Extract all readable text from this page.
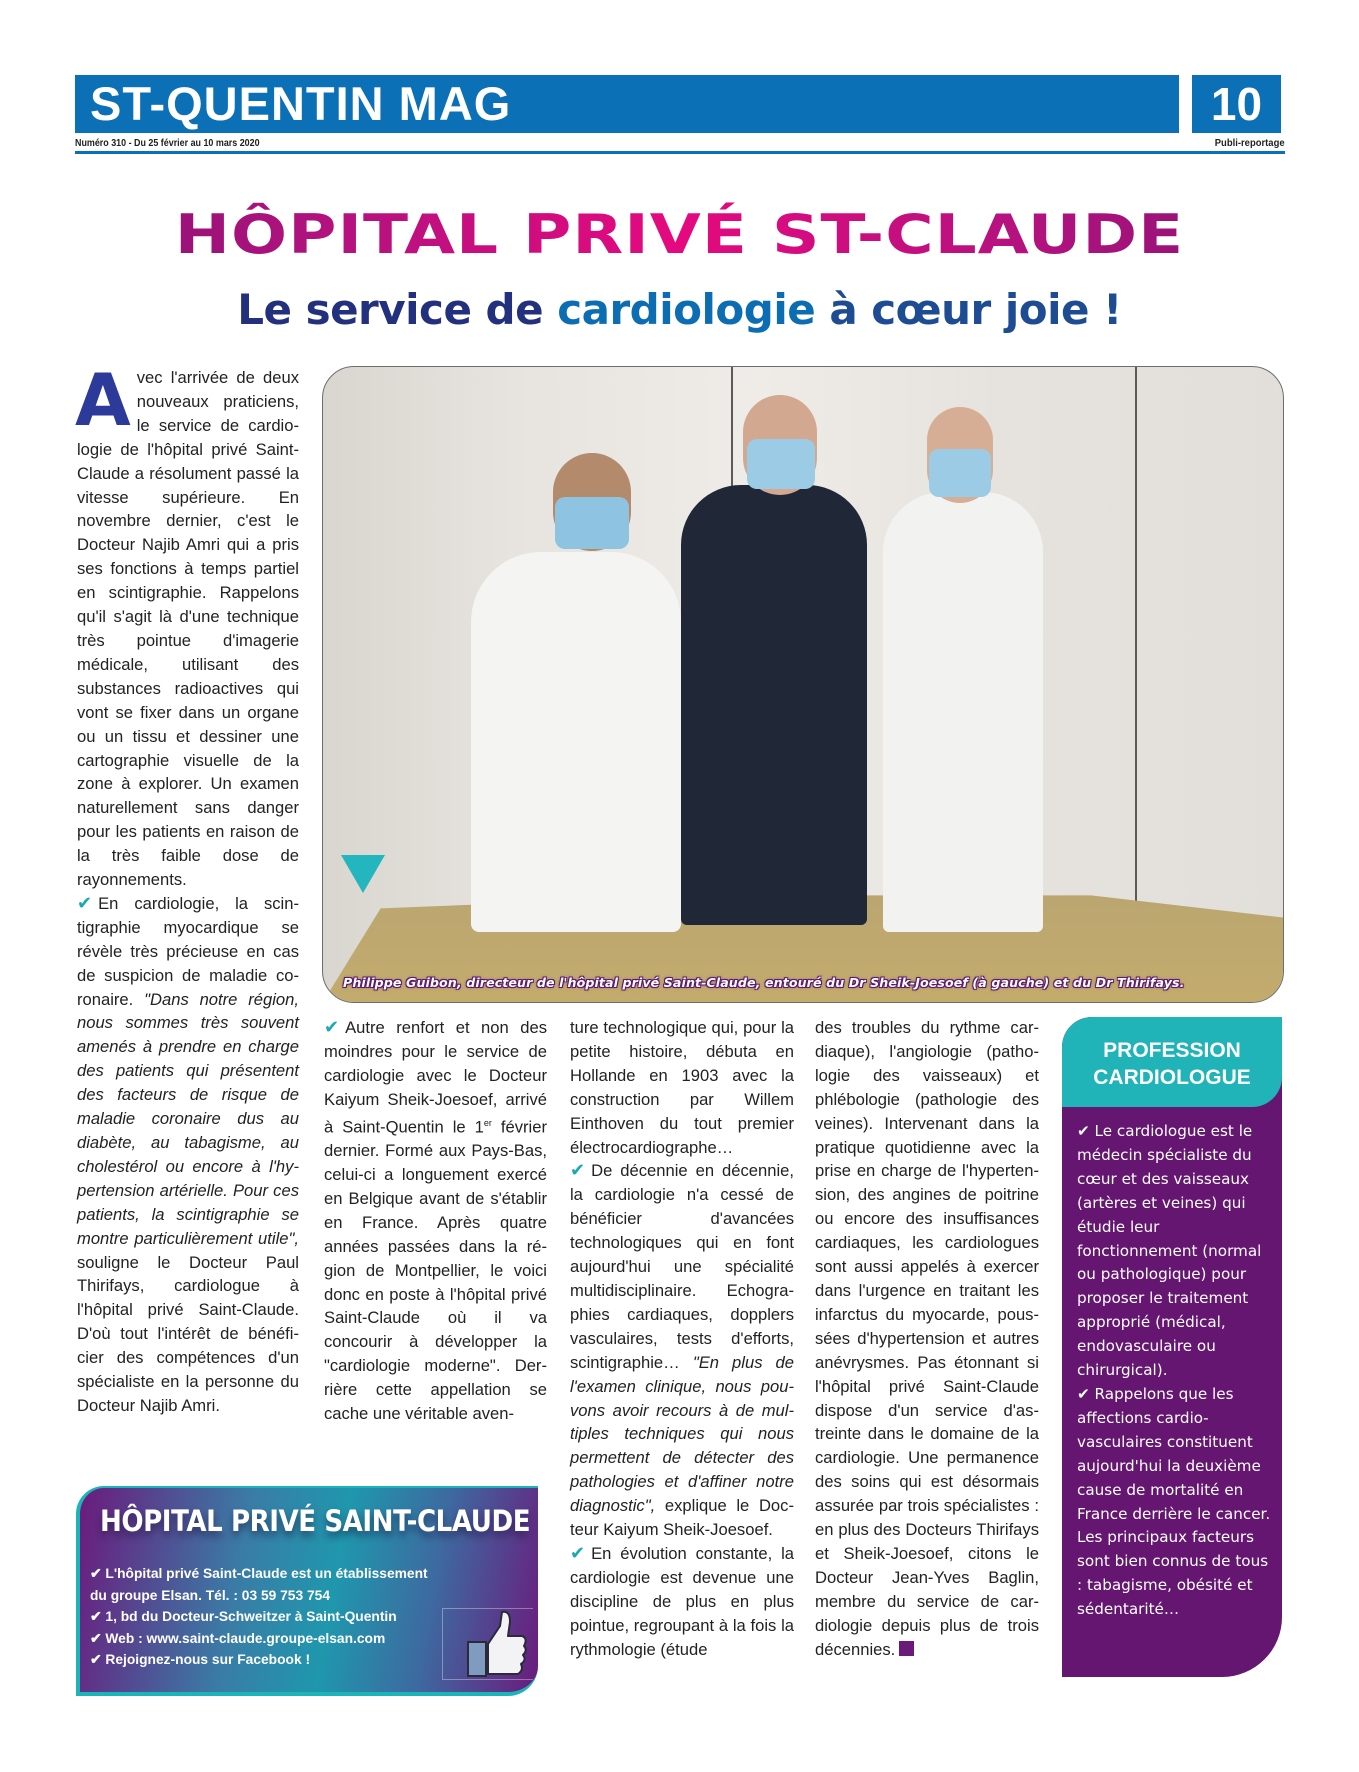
ST-QUENTIN MAG	10
Numéro 310 - Du 25 février au 10 mars 2020	Publi-reportage
HÔPITAL PRIVÉ ST-CLAUDE
Le service de cardiologie à cœur joie !

Avec l'arrivée de deux nouveaux praticiens, le service de cardiologie de l'hôpital privé Saint-Claude a résolument passé la vitesse supérieure. En novembre dernier, c'est le Docteur Najib Amri qui a pris ses fonctions à temps partiel en scintigraphie. Rappelons qu'il s'agit là d'une technique très pointue d'imagerie médicale, utilisant des substances radioactives qui vont se fixer dans un organe ou un tissu et dessiner une cartographie visuelle de la zone à explorer. Un examen naturellement sans danger pour les patients en raison de la très faible dose de rayonnements.

✔ En cardiologie, la scintigraphie myocardique se révèle très précieuse en cas de suspicion de maladie coronaire. "Dans notre région, nous sommes très souvent amenés à prendre en charge des patients qui présentent des facteurs de risque de maladie coronaire dus au diabète, au tabagisme, au cholestérol ou encore à l'hypertension artérielle. Pour ces patients, la scintigraphie se montre particulièrement utile", souligne le Docteur Paul Thirifays, cardiologue à l'hôpital privé Saint-Claude. D'où tout l'intérêt de bénéficier des compétences d'un spécialiste en la personne du Docteur Najib Amri.

Philippe Guibon, directeur de l'hôpital privé Saint-Claude, entouré du Dr Sheik-Joesoef (à gauche) et du Dr Thirifays.

✔ Autre renfort et non des moindres pour le service de cardiologie avec le Docteur Kaiyum Sheik-Joesoef, arrivé à Saint-Quentin le 1er février dernier. Formé aux Pays-Bas, celui-ci a longuement exercé en Belgique avant de s'établir en France. Après quatre années passées dans la région de Montpellier, le voici donc en poste à l'hôpital privé Saint-Claude où il va concourir à développer la "cardiologie moderne". Derrière cette appellation se cache une véritable aven-

ture technologique qui, pour la petite histoire, débuta en Hollande en 1903 avec la construction par Willem Einthoven du tout premier électrocardiographe…

✔ De décennie en décennie, la cardiologie n'a cessé de bénéficier d'avancées technologiques qui en font aujourd'hui une spécialité multidisciplinaire. Echographies cardiaques, dopplers vasculaires, tests d'efforts, scintigraphie… "En plus de l'examen clinique, nous pouvons avoir recours à de multiples techniques qui nous permettent de détecter des pathologies et d'affiner notre diagnostic", explique le Docteur Kaiyum Sheik-Joesoef.

✔ En évolution constante, la cardiologie est devenue une discipline de plus en plus pointue, regroupant à la fois la rythmologie (étude

des troubles du rythme cardiaque), l'angiologie (pathologie des vaisseaux) et phlébologie (pathologie des veines). Intervenant dans la pratique quotidienne avec la prise en charge de l'hypertension, des angines de poitrine ou encore des insuffisances cardiaques, les cardiologues sont aussi appelés à exercer dans l'urgence en traitant les infarctus du myocarde, poussées d'hypertension et autres anévrysmes. Pas étonnant si l'hôpital privé Saint-Claude dispose d'un service d'astreinte dans le domaine de la cardiologie. Une permanence des soins qui est désormais assurée par trois spécialistes : en plus des Docteurs Thirifays et Sheik-Joesoef, citons le Docteur Jean-Yves Baglin, membre du service de cardiologie depuis plus de trois décennies.

PROFESSION
CARDIOLOGUE

✔ Le cardiologue est le médecin spécialiste du cœur et des vaisseaux (artères et veines) qui étudie leur fonctionnement (normal ou pathologique) pour proposer le traitement approprié (médical, endovasculaire ou chirurgical).

✔ Rappelons que les affections cardiovasculaires constituent aujourd'hui la deuxième cause de mortalité en France derrière le cancer. Les principaux facteurs sont bien connus de tous : tabagisme, obésité et sédentarité…

HÔPITAL PRIVÉ SAINT-CLAUDE
✔ L'hôpital privé Saint-Claude est un établissement
du groupe Elsan. Tél. : 03 59 753 754
✔ 1, bd du Docteur-Schweitzer à Saint-Quentin
✔ Web : www.saint-claude.groupe-elsan.com
✔ Rejoignez-nous sur Facebook !
